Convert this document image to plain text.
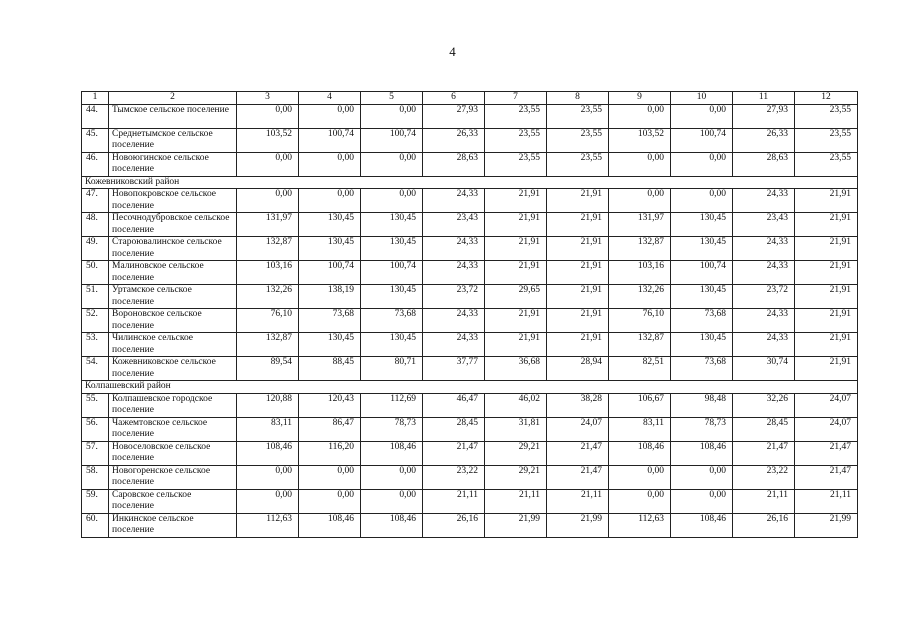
4
1	2	3	4	5	6	7	8	9	10	11	12
44.	Тымское сельское поселение	0,00	0,00	0,00	27,93	23,55	23,55	0,00	0,00	27,93	23,55
45.	Среднетымское сельское поселение	103,52	100,74	100,74	26,33	23,55	23,55	103,52	100,74	26,33	23,55
46.	Новоюгинское сельское поселение	0,00	0,00	0,00	28,63	23,55	23,55	0,00	0,00	28,63	23,55
Кожевниковский район											
47.	Новопокровское сельское поселение	0,00	0,00	0,00	24,33	21,91	21,91	0,00	0,00	24,33	21,91
48.	Песочнодубровское сельское поселение	131,97	130,45	130,45	23,43	21,91	21,91	131,97	130,45	23,43	21,91
49.	Староювалинское сельское поселение	132,87	130,45	130,45	24,33	21,91	21,91	132,87	130,45	24,33	21,91
50.	Малиновское сельское поселение	103,16	100,74	100,74	24,33	21,91	21,91	103,16	100,74	24,33	21,91
51.	Уртамское сельское поселение	132,26	138,19	130,45	23,72	29,65	21,91	132,26	130,45	23,72	21,91
52.	Вороновское сельское поселение	76,10	73,68	73,68	24,33	21,91	21,91	76,10	73,68	24,33	21,91
53.	Чилинское сельское поселение	132,87	130,45	130,45	24,33	21,91	21,91	132,87	130,45	24,33	21,91
54.	Кожевниковское сельское поселение	89,54	88,45	80,71	37,77	36,68	28,94	82,51	73,68	30,74	21,91
Колпашевский район											
55.	Колпашевское городское поселение	120,88	120,43	112,69	46,47	46,02	38,28	106,67	98,48	32,26	24,07
56.	Чажемтовское сельское поселение	83,11	86,47	78,73	28,45	31,81	24,07	83,11	78,73	28,45	24,07
57.	Новоселовское сельское поселение	108,46	116,20	108,46	21,47	29,21	21,47	108,46	108,46	21,47	21,47
58.	Новогоренское сельское поселение	0,00	0,00	0,00	23,22	29,21	21,47	0,00	0,00	23,22	21,47
59.	Саровское сельское поселение	0,00	0,00	0,00	21,11	21,11	21,11	0,00	0,00	21,11	21,11
60.	Инкинское сельское поселение	112,63	108,46	108,46	26,16	21,99	21,99	112,63	108,46	26,16	21,99
